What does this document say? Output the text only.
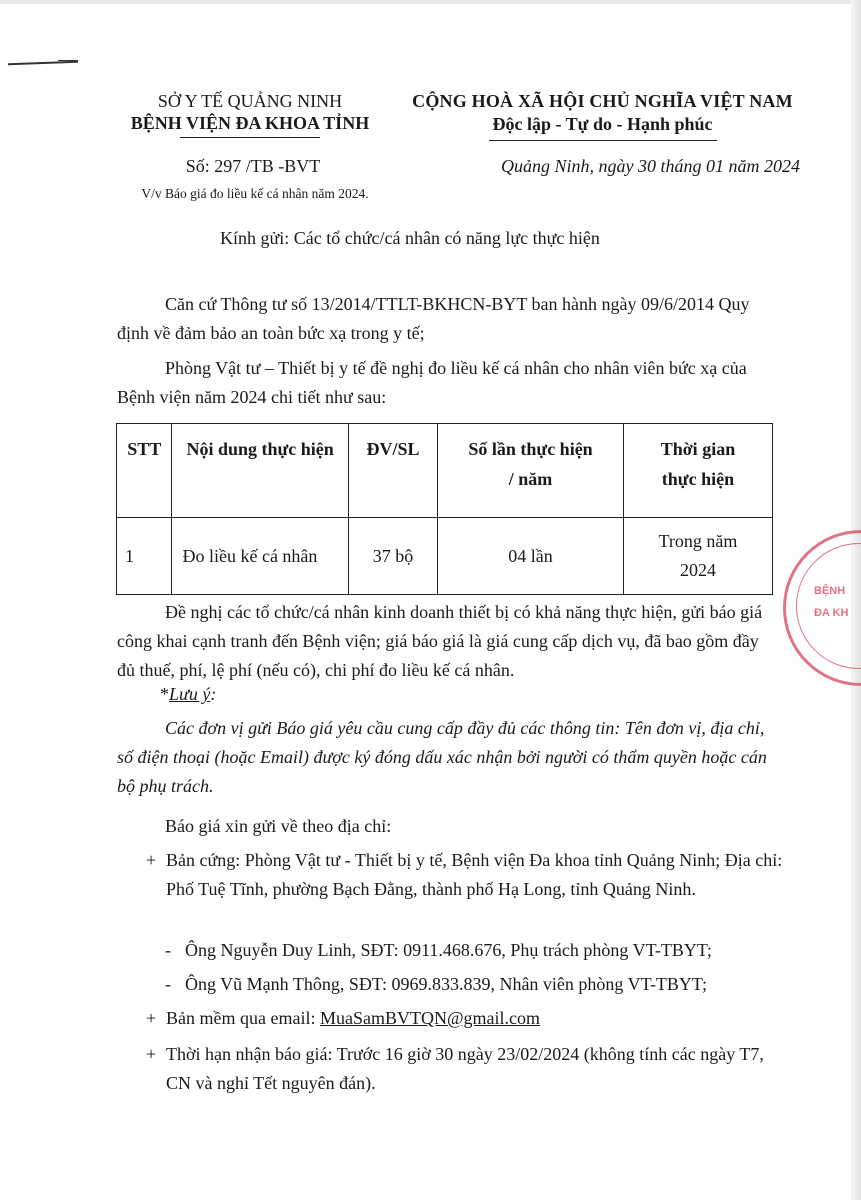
SỞ Y TẾ QUẢNG NINH
BỆNH VIỆN ĐA KHOA TỈNH
CỘNG HOÀ XÃ HỘI CHỦ NGHĨA VIỆT NAM
Độc lập - Tự do - Hạnh phúc
Số: 297 /TB -BVT
V/v Báo giá đo liều kế cá nhân năm 2024.
Quảng Ninh, ngày 30 tháng 01 năm 2024
Kính gửi: Các tổ chức/cá nhân có năng lực thực hiện
Căn cứ Thông tư số 13/2014/TTLT-BKHCN-BYT ban hành ngày 09/6/2014 Quy định về đảm bảo an toàn bức xạ trong y tế;
Phòng Vật tư – Thiết bị y tế đề nghị đo liều kế cá nhân cho nhân viên bức xạ của Bệnh viện năm 2024 chi tiết như sau:
STT	Nội dung thực hiện	ĐV/SL	Số lần thực hiện / năm	Thời gian thực hiện
1	Đo liều kế cá nhân	37 bộ	04 lần	Trong năm 2024
Đề nghị các tổ chức/cá nhân kinh doanh thiết bị có khả năng thực hiện, gửi báo giá công khai cạnh tranh đến Bệnh viện; giá báo giá là giá cung cấp dịch vụ, đã bao gồm đầy đủ thuế, phí, lệ phí (nếu có), chi phí đo liều kế cá nhân.
*Lưu ý:
Các đơn vị gửi Báo giá yêu cầu cung cấp đầy đủ các thông tin: Tên đơn vị, địa chỉ, số điện thoại (hoặc Email) được ký đóng dấu xác nhận bởi người có thẩm quyền hoặc cán bộ phụ trách.
Báo giá xin gửi về theo địa chỉ:
+ Bản cứng: Phòng Vật tư - Thiết bị y tế, Bệnh viện Đa khoa tỉnh Quảng Ninh; Địa chỉ: Phố Tuệ Tĩnh, phường Bạch Đằng, thành phố Hạ Long, tỉnh Quảng Ninh.
- Ông Nguyễn Duy Linh, SĐT: 0911.468.676, Phụ trách phòng VT-TBYT;
- Ông Vũ Mạnh Thông, SĐT: 0969.833.839, Nhân viên phòng VT-TBYT;
+ Bản mềm qua email: MuaSamBVTQN@gmail.com
+ Thời hạn nhận báo giá: Trước 16 giờ 30 ngày 23/02/2024 (không tính các ngày T7, CN và nghỉ Tết nguyên đán).
BỆNH
ĐA KH
